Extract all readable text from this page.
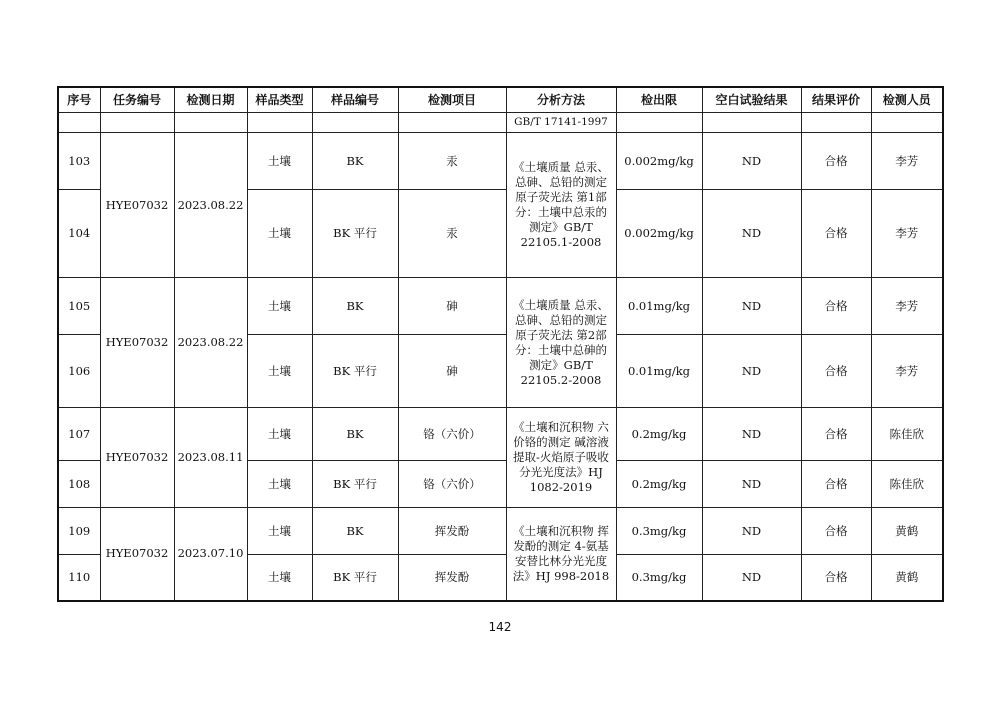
序号	任务编号	检测日期	样品类型	样品编号	检测项目	分析方法	检出限	空白试验结果	结果评价	检测人员
						GB/T 17141-1997				
103	HYE07032	2023.08.22	土壤	BK	汞	《土壤质量 总汞、总砷、总铅的测定 原子荧光法 第1部分：土壤中总汞的测定》GB/T 22105.1-2008	0.002mg/kg	ND	合格	李芳
104			土壤	BK 平行	汞		0.002mg/kg	ND	合格	李芳
105	HYE07032	2023.08.22	土壤	BK	砷	《土壤质量 总汞、总砷、总铅的测定 原子荧光法 第2部分：土壤中总砷的测定》GB/T 22105.2-2008	0.01mg/kg	ND	合格	李芳
106			土壤	BK 平行	砷		0.01mg/kg	ND	合格	李芳
107	HYE07032	2023.08.11	土壤	BK	铬（六价）	《土壤和沉积物 六价铬的测定 碱溶液提取-火焰原子吸收分光光度法》HJ 1082-2019	0.2mg/kg	ND	合格	陈佳欣
108			土壤	BK 平行	铬（六价）		0.2mg/kg	ND	合格	陈佳欣
109	HYE07032	2023.07.10	土壤	BK	挥发酚	《土壤和沉积物 挥发酚的测定 4-氨基安替比林分光光度法》HJ 998-2018	0.3mg/kg	ND	合格	黄鹤
110			土壤	BK 平行	挥发酚		0.3mg/kg	ND	合格	黄鹤
142
